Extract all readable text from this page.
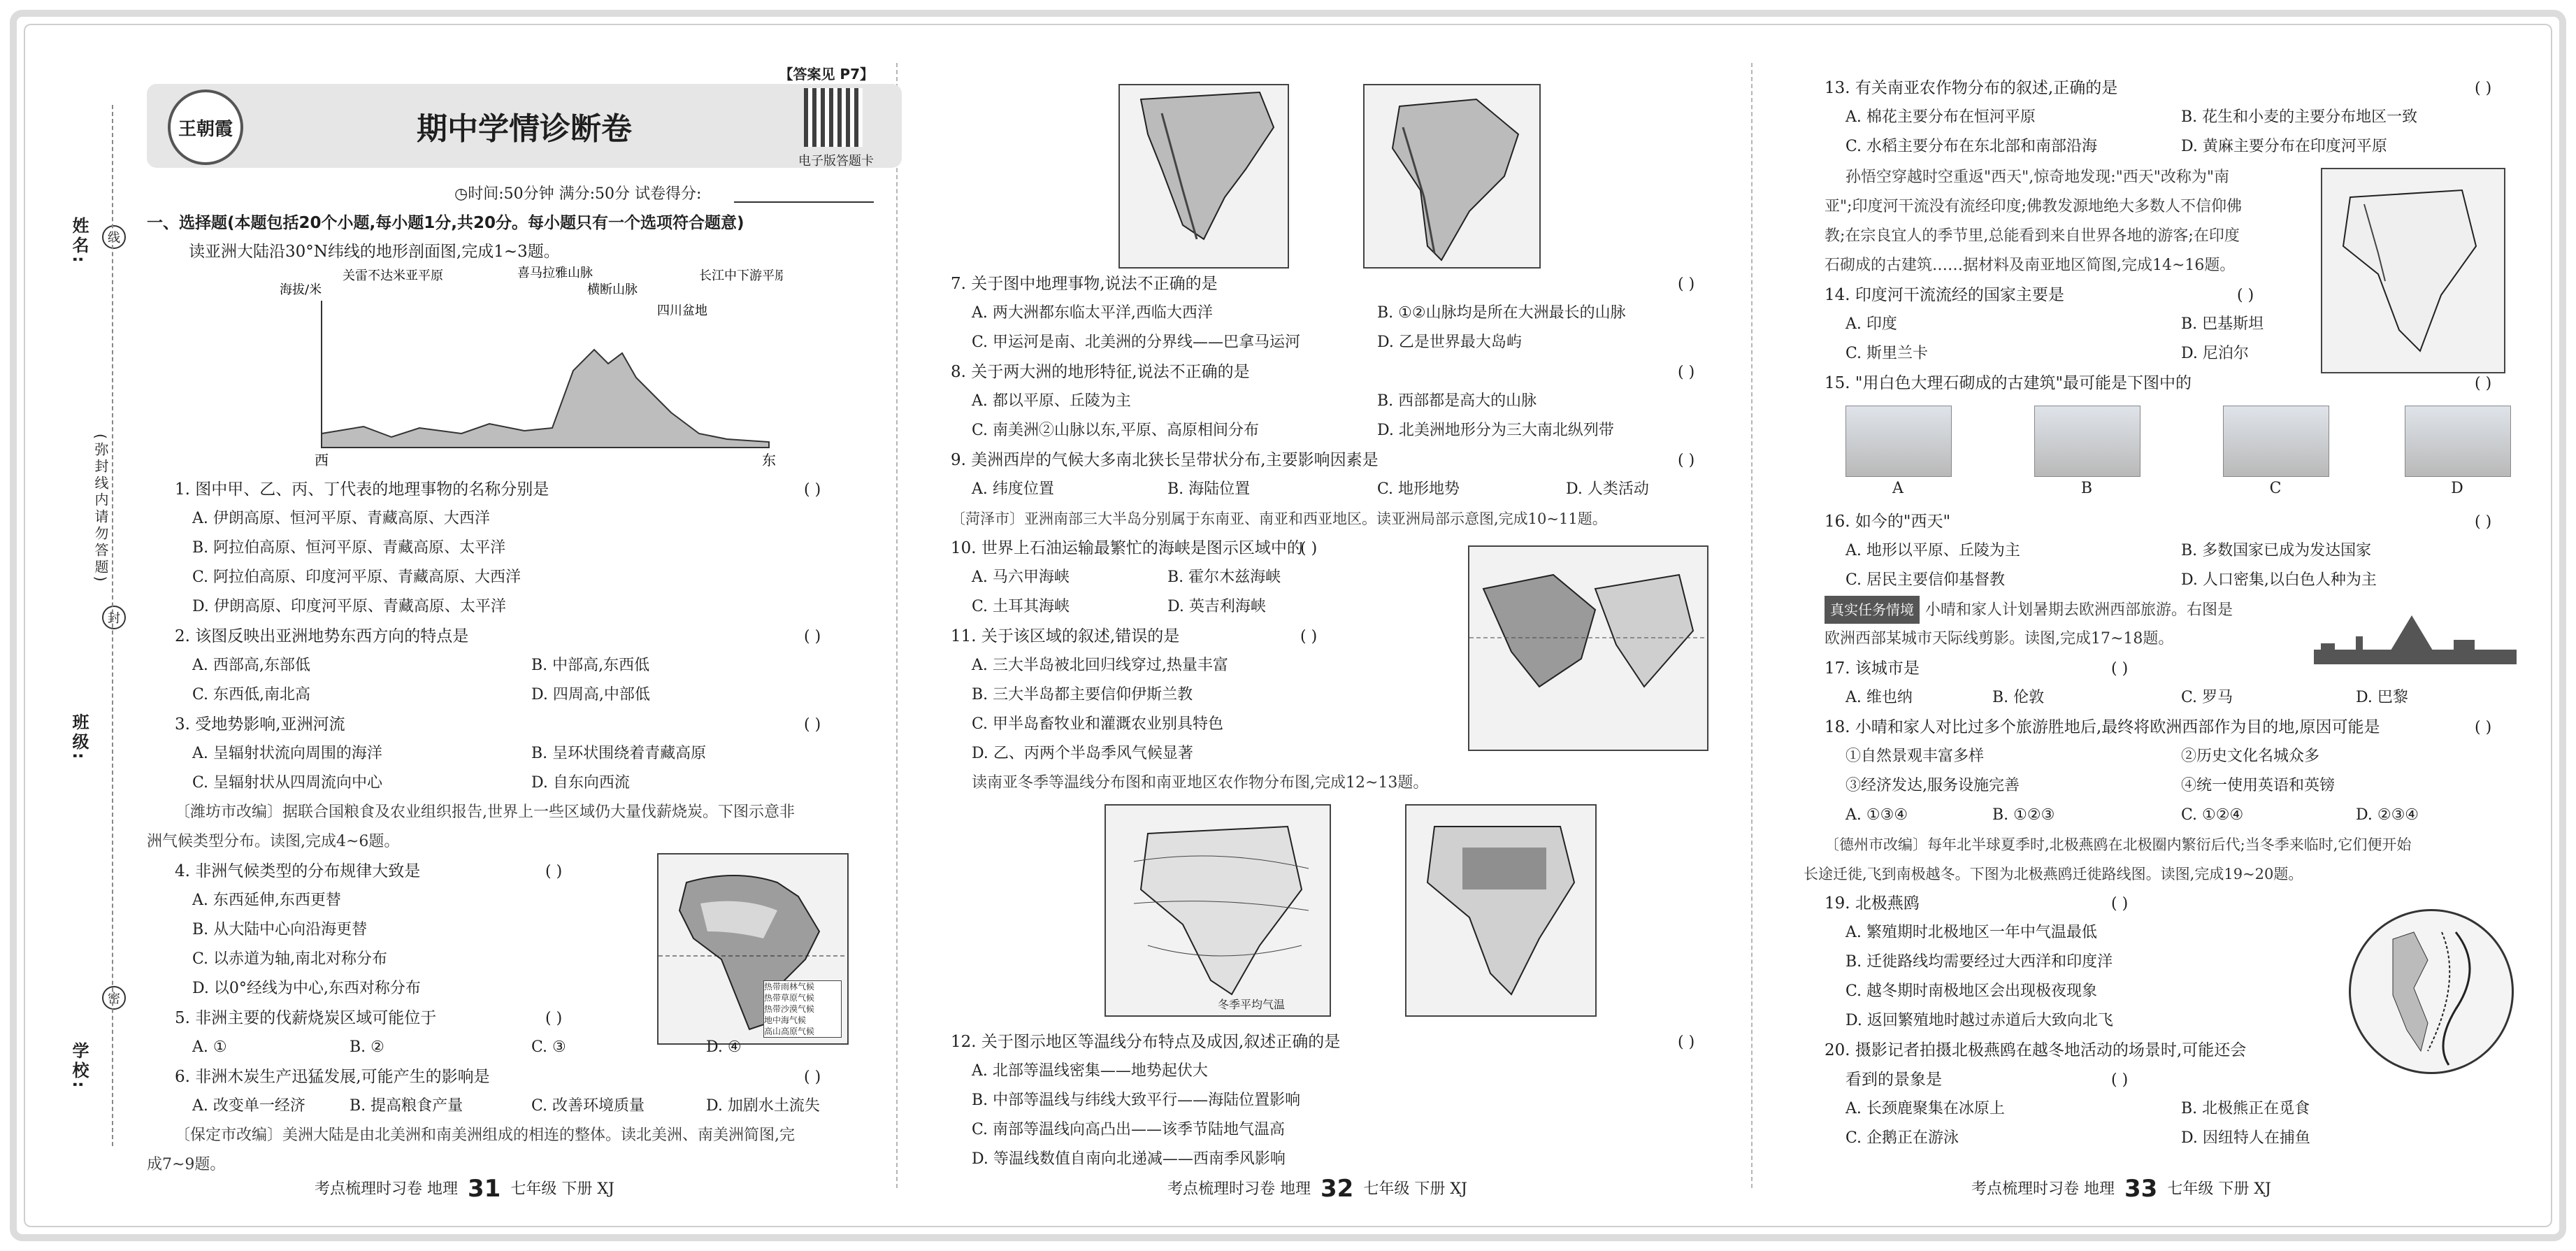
姓名:
班级:
学校:
(弥封线内请勿答题)
线
封
密
【答案见 P7】
王朝霞	期中学情诊断卷
电子版答题卡
◷时间:50分钟 满分:50分 试卷得分:
一、选择题(本题包括20个小题,每小题1分,共20分。每小题只有一个选项符合题意)
读亚洲大陆沿30°N纬线的地形剖面图,完成1~3题。
海拔/米
关雷不达米亚平原	喜马拉雅山脉
横断山脉
四川盆地
长江中下游平原
西	东
1. 图中甲、乙、丙、丁代表的地理事物的名称分别是	( )
A. 伊朗高原、恒河平原、青藏高原、大西洋
B. 阿拉伯高原、恒河平原、青藏高原、太平洋
C. 阿拉伯高原、印度河平原、青藏高原、大西洋
D. 伊朗高原、印度河平原、青藏高原、太平洋
2. 该图反映出亚洲地势东西方向的特点是	( )
A. 西部高,东部低	B. 中部高,东西低
C. 东西低,南北高	D. 四周高,中部低
3. 受地势影响,亚洲河流	( )
A. 呈辐射状流向周围的海洋	B. 呈环状围绕着青藏高原
C. 呈辐射状从四周流向中心	D. 自东向西流
〔潍坊市改编〕据联合国粮食及农业组织报告,世界上一些区域仍大量伐薪烧炭。下图示意非
洲气候类型分布。读图,完成4~6题。
4. 非洲气候类型的分布规律大致是	( )
A. 东西延伸,东西更替
B. 从大陆中心向沿海更替
C. 以赤道为轴,南北对称分布
D. 以0°经线为中心,东西对称分布	热带雨林气候
热带草原气候
热带沙漠气候
地中海气候
高山高原气候
5. 非洲主要的伐薪烧炭区域可能位于	( )
A. ①	B. ②	C. ③	D. ④
6. 非洲木炭生产迅猛发展,可能产生的影响是	( )
A. 改变单一经济	B. 提高粮食产量	C. 改善环境质量	D. 加剧水土流失
〔保定市改编〕美洲大陆是由北美洲和南美洲组成的相连的整体。读北美洲、南美洲简图,完
成7~9题。
考点梳理时习卷 地理 31 七年级 下册 XJ
7. 关于图中地理事物,说法不正确的是	( )
A. 两大洲都东临太平洋,西临大西洋	B. ①②山脉均是所在大洲最长的山脉
C. 甲运河是南、北美洲的分界线——巴拿马运河	D. 乙是世界最大岛屿
8. 关于两大洲的地形特征,说法不正确的是	( )
A. 都以平原、丘陵为主	B. 西部都是高大的山脉
C. 南美洲②山脉以东,平原、高原相间分布	D. 北美洲地形分为三大南北纵列带
9. 美洲西岸的气候大多南北狭长呈带状分布,主要影响因素是	( )
A. 纬度位置	B. 海陆位置	C. 地形地势	D. 人类活动
〔菏泽市〕亚洲南部三大半岛分别属于东南亚、南亚和西亚地区。读亚洲局部示意图,完成10~11题。
10. 世界上石油运输最繁忙的海峡是图示区域中的
( )
A. 马六甲海峡	B. 霍尔木兹海峡
C. 土耳其海峡	D. 英吉利海峡
11. 关于该区域的叙述,错误的是	( )
A. 三大半岛被北回归线穿过,热量丰富
B. 三大半岛都主要信仰伊斯兰教
C. 甲半岛畜牧业和灌溉农业别具特色
D. 乙、丙两个半岛季风气候显著
读南亚冬季等温线分布图和南亚地区农作物分布图,完成12~13题。
冬季平均气温
12. 关于图示地区等温线分布特点及成因,叙述正确的是	( )
A. 北部等温线密集——地势起伏大
B. 中部等温线与纬线大致平行——海陆位置影响
C. 南部等温线向高凸出——该季节陆地气温高
D. 等温线数值自南向北递减——西南季风影响
考点梳理时习卷 地理 32 七年级 下册 XJ
13. 有关南亚农作物分布的叙述,正确的是	( )
A. 棉花主要分布在恒河平原	B. 花生和小麦的主要分布地区一致
C. 水稻主要分布在东北部和南部沿海	D. 黄麻主要分布在印度河平原
孙悟空穿越时空重返"西天",惊奇地发现:"西天"改称为"南
亚";印度河干流没有流经印度;佛教发源地绝大多数人不信仰佛
教;在宗良宜人的季节里,总能看到来自世界各地的游客;在印度
石砌成的古建筑……据材料及南亚地区简图,完成14~16题。
14. 印度河干流流经的国家主要是	( )
A. 印度	B. 巴基斯坦
C. 斯里兰卡	D. 尼泊尔
15. "用白色大理石砌成的古建筑"最可能是下图中的	( )
A	B	C	D
16. 如今的"西天"	( )
A. 地形以平原、丘陵为主	B. 多数国家已成为发达国家
C. 居民主要信仰基督教	D. 人口密集,以白色人种为主
真实任务情境 小晴和家人计划暑期去欧洲西部旅游。右图是
欧洲西部某城市天际线剪影。读图,完成17~18题。
17. 该城市是	( )
A. 维也纳	B. 伦敦	C. 罗马	D. 巴黎
18. 小晴和家人对比过多个旅游胜地后,最终将欧洲西部作为目的地,原因可能是	( )
①自然景观丰富多样	②历史文化名城众多
③经济发达,服务设施完善	④统一使用英语和英镑
A. ①③④	B. ①②③	C. ①②④	D. ②③④
〔德州市改编〕每年北半球夏季时,北极燕鸥在北极圈内繁衍后代;当冬季来临时,它们便开始
长途迁徙,飞到南极越冬。下图为北极燕鸥迁徙路线图。读图,完成19~20题。
19. 北极燕鸥	( )
A. 繁殖期时北极地区一年中气温最低
B. 迁徙路线均需要经过大西洋和印度洋
C. 越冬期时南极地区会出现极夜现象
D. 返回繁殖地时越过赤道后大致向北飞
20. 摄影记者拍摄北极燕鸥在越冬地活动的场景时,可能还会
看到的景象是	( )
A. 长颈鹿聚集在冰原上	B. 北极熊正在觅食
C. 企鹅正在游泳	D. 因纽特人在捕鱼
考点梳理时习卷 地理 33 七年级 下册 XJ
